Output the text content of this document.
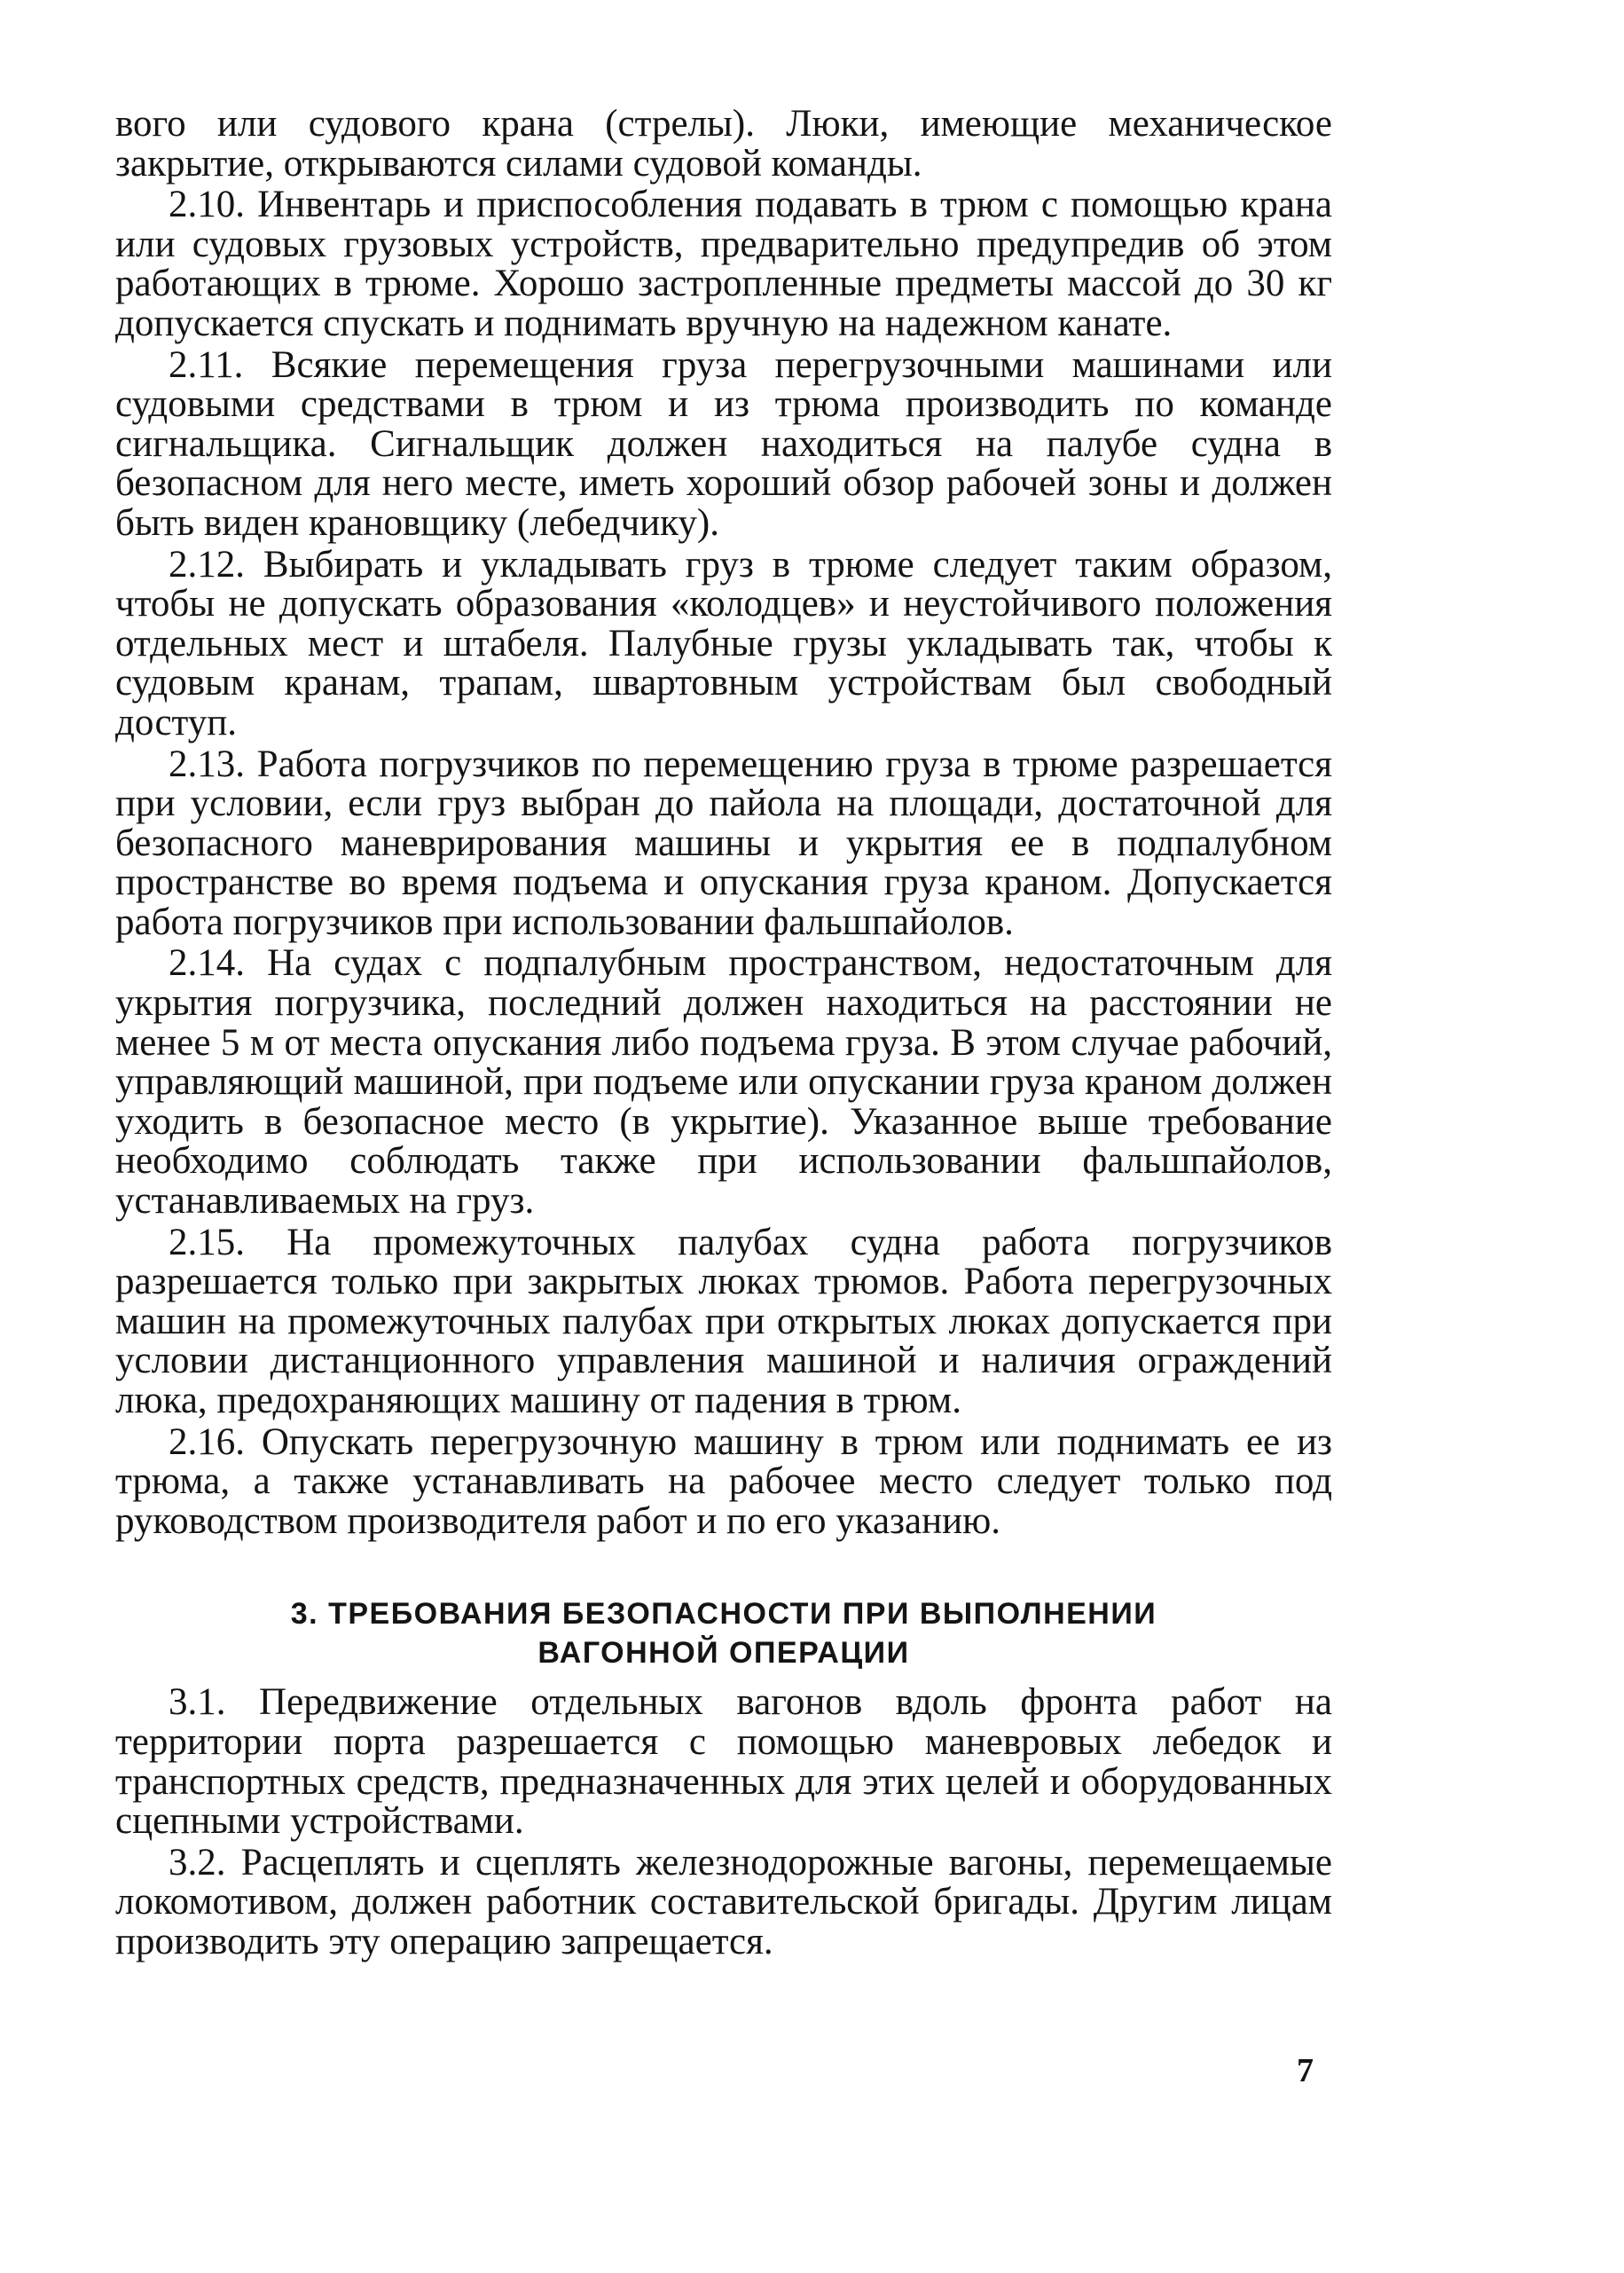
вого или судового крана (стрелы). Люки, имеющие механическое закрытие, открываются силами судовой команды.

2.10. Инвентарь и приспособления подавать в трюм с помощью крана или судовых грузовых устройств, предварительно предупредив об этом работающих в трюме. Хорошо застропленные предметы массой до 30 кг допускается спускать и поднимать вручную на надежном канате.

2.11. Всякие перемещения груза перегрузочными машинами или судовыми средствами в трюм и из трюма производить по команде сигнальщика. Сигнальщик должен находиться на палубе судна в безопасном для него месте, иметь хороший обзор рабочей зоны и должен быть виден крановщику (лебедчику).

2.12. Выбирать и укладывать груз в трюме следует таким образом, чтобы не допускать образования «колодцев» и неустойчивого положения отдельных мест и штабеля. Палубные грузы укладывать так, чтобы к судовым кранам, трапам, швартовным устройствам был свободный доступ.

2.13. Работа погрузчиков по перемещению груза в трюме разрешается при условии, если груз выбран до пайола на площади, достаточной для безопасного маневрирования машины и укрытия ее в подпалубном пространстве во время подъема и опускания груза краном. Допускается работа погрузчиков при использовании фальшпайолов.

2.14. На судах с подпалубным пространством, недостаточным для укрытия погрузчика, последний должен находиться на расстоянии не менее 5 м от места опускания либо подъема груза. В этом случае рабочий, управляющий машиной, при подъеме или опускании груза краном должен уходить в безопасное место (в укрытие). Указанное выше требование необходимо соблюдать также при использовании фальшпайолов, устанавливаемых на груз.

2.15. На промежуточных палубах судна работа погрузчиков разрешается только при закрытых люках трюмов. Работа перегрузочных машин на промежуточных палубах при открытых люках допускается при условии дистанционного управления машиной и наличия ограждений люка, предохраняющих машину от падения в трюм.

2.16. Опускать перегрузочную машину в трюм или поднимать ее из трюма, а также устанавливать на рабочее место следует только под руководством производителя работ и по его указанию.

3. ТРЕБОВАНИЯ БЕЗОПАСНОСТИ ПРИ ВЫПОЛНЕНИИ
ВАГОННОЙ ОПЕРАЦИИ

3.1. Передвижение отдельных вагонов вдоль фронта работ на территории порта разрешается с помощью маневровых лебедок и транспортных средств, предназначенных для этих целей и оборудованных сцепными устройствами.

3.2. Расцеплять и сцеплять железнодорожные вагоны, перемещаемые локомотивом, должен работник составительской бригады. Другим лицам производить эту операцию запрещается.

7
